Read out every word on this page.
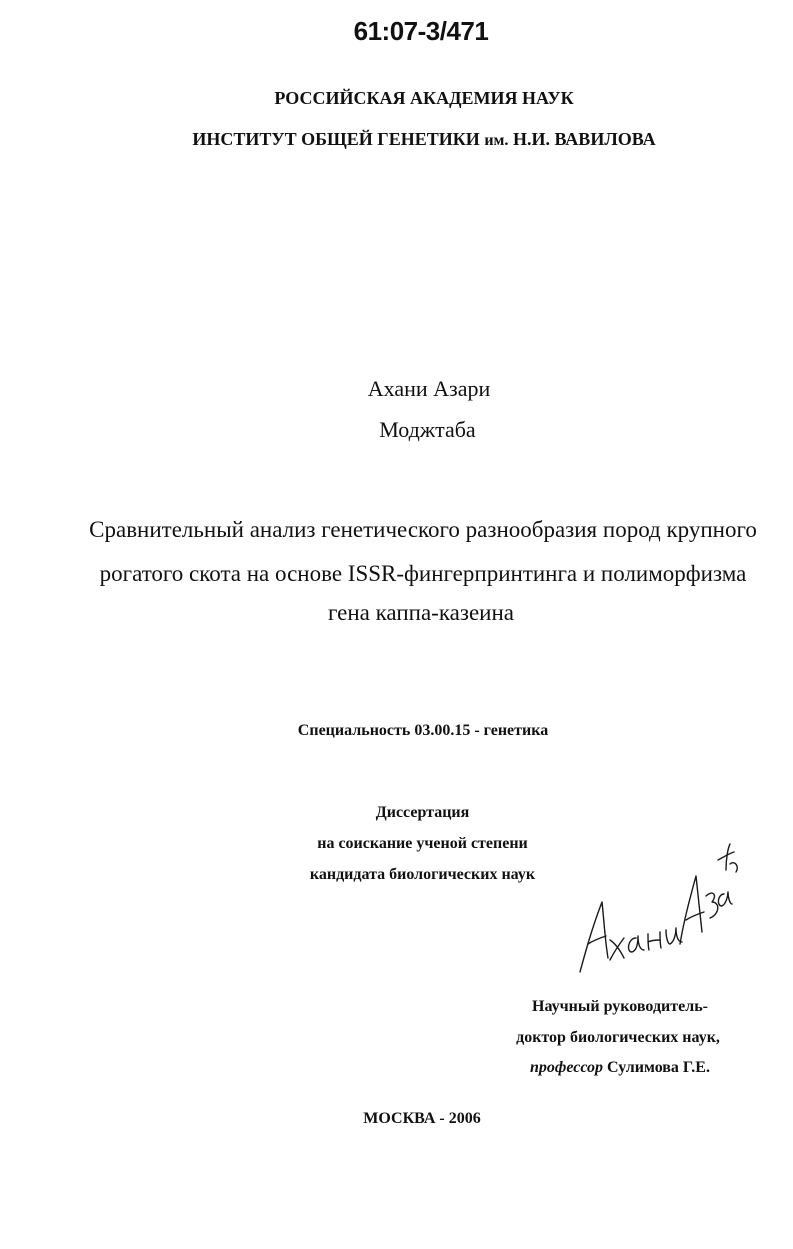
61:07-3/471
РОССИЙСКАЯ АКАДЕМИЯ НАУК
ИНСТИТУТ ОБЩЕЙ ГЕНЕТИКИ им. Н.И. ВАВИЛОВА
Ахани Азари
Моджтаба
Сравнительный анализ генетического разнообразия пород крупного
рогатого скота на основе ISSR-фингерпринтинга и полиморфизма
гена каппа-казеина
Специальность 03.00.15 - генетика
Диссертация
на соискание ученой степени
кандидата биологических наук
Научный руководитель-
доктор биологических наук,
профессор Сулимова Г.Е.
МОСКВА - 2006
